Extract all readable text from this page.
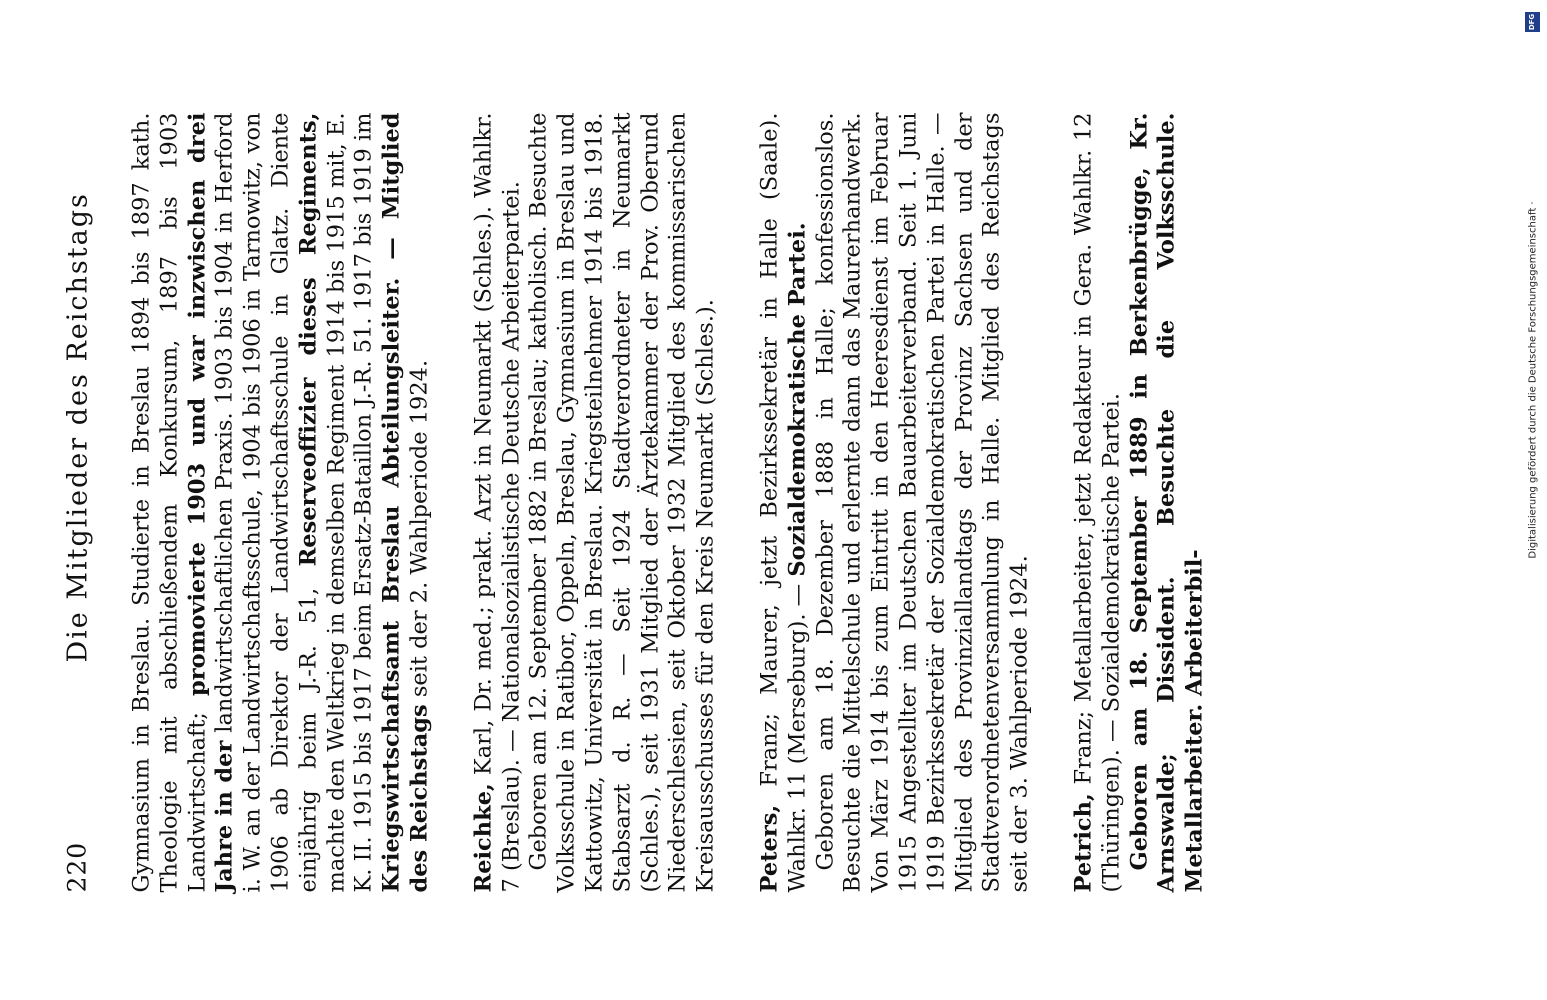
DFG
Digitalisierung gefördert durch die Deutsche Forschungsgemeinschaft ·
220
Die Mitglieder des Reichstags Gymnasium in Breslau. Studierte in Breslau 1894 bis 1897 kath. Theologie mit abschließendem Konkursum, 1897 bis 1903 Landwirtschaft; promovierte 1903 und war inzwischen drei Jahre in der landwirtschaftlichen Praxis. 1903 bis 1904 in Herford i. W. an der Landwirtschaftsschule, 1904 bis 1906 in Tarnowitz, von 1906 ab Direktor der Landwirtschaftsschule in Glatz. Diente einjährig beim J.-R. 51, Reserveoffizier dieses Regiments, machte den Weltkrieg in demselben Regiment 1914 bis 1915 mit, E. K. II. 1915 bis 1917 beim Ersatz-Bataillon J.-R. 51. 1917 bis 1919 im Kriegswirtschaftsamt Breslau Abteilungsleiter. — Mitglied des Reichstags seit der 2. Wahlperiode 1924.

Reichke, Karl, Dr. med.; prakt. Arzt in Neumarkt (Schles.). Wahlkr. 7 (Breslau). — Nationalsozialistische Deutsche Arbeiterpartei. Geboren am 12. September 1882 in Breslau; katholisch. Besuchte Volksschule in Ratibor, Oppeln, Breslau, Gymnasium in Breslau und Kattowitz, Universität in Breslau. Kriegsteilnehmer 1914 bis 1918. Stabsarzt d. R. — Seit 1924 Stadtverordneter in Neumarkt (Schles.), seit 1931 Mitglied der Ärztekammer der Prov. Oberund Niederschlesien, seit Oktober 1932 Mitglied des kommissarischen Kreisausschusses für den Kreis Neumarkt (Schles.). Peters, Franz; Maurer, jetzt Bezirkssekretär in Halle (Saale). Wahlkr. 11 (Merseburg). — Sozialdemokratische Partei. Geboren am 18. Dezember 1888 in Halle; konfessionslos. Besuchte die Mittelschule und erlernte dann das Maurerhandwerk. Von März 1914 bis zum Eintritt in den Heeresdienst im Februar 1915 Angestellter im Deutschen Bauarbeiterverband. Seit 1. Juni 1919 Bezirkssekretär der Sozialdemokratischen Partei in Halle. — Mitglied des Provinziallandtags der Provinz Sachsen und der Stadtverordnetenversammlung in Halle. Mitglied des Reichstags seit der 3. Wahlperiode 1924. Petrich, Franz; Metallarbeiter, jetzt Redakteur in Gera. Wahlkr. 12 (Thüringen). — Sozialdemokratische Partei. Geboren am 18. September 1889 in Berkenbrügge, Kr. Arnswalde; Dissident. Besuchte die Volksschule. Metallarbeiter. Arbeiterbil-
